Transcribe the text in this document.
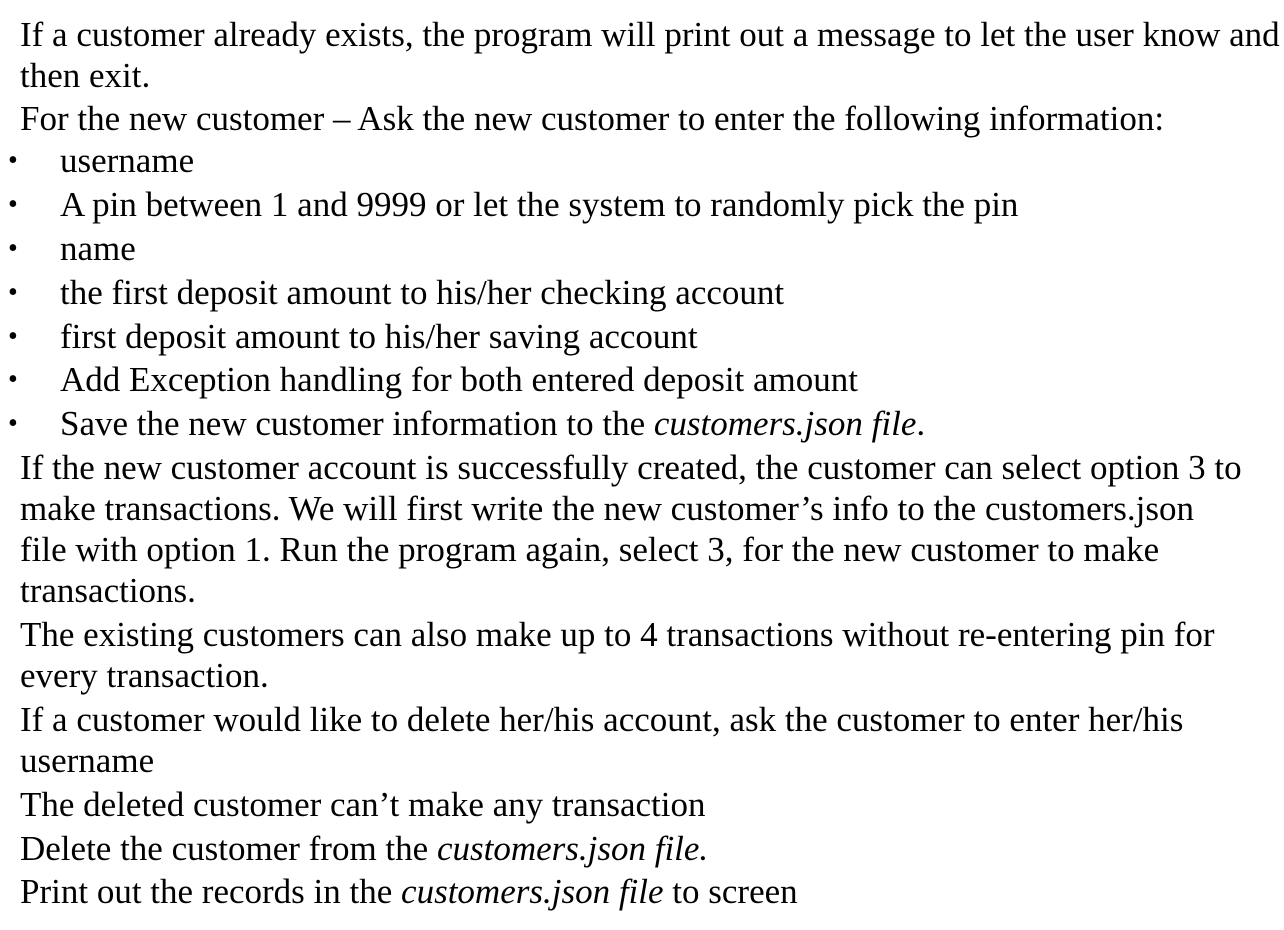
If a customer already exists, the program will print out a message to let the user know and
then exit.
For the new customer – Ask the new customer to enter the following information:
• username
• A pin between 1 and 9999 or let the system to randomly pick the pin
• name
• the first deposit amount to his/her checking account
• first deposit amount to his/her saving account
• Add Exception handling for both entered deposit amount
• Save the new customer information to the customers.json file.
If the new customer account is successfully created, the customer can select option 3 to
make transactions. We will first write the new customer’s info to the customers.json
file with option 1. Run the program again, select 3, for the new customer to make
transactions.
The existing customers can also make up to 4 transactions without re-entering pin for
every transaction.
If a customer would like to delete her/his account, ask the customer to enter her/his
username
The deleted customer can’t make any transaction
Delete the customer from the customers.json file.
Print out the records in the customers.json file to screen
